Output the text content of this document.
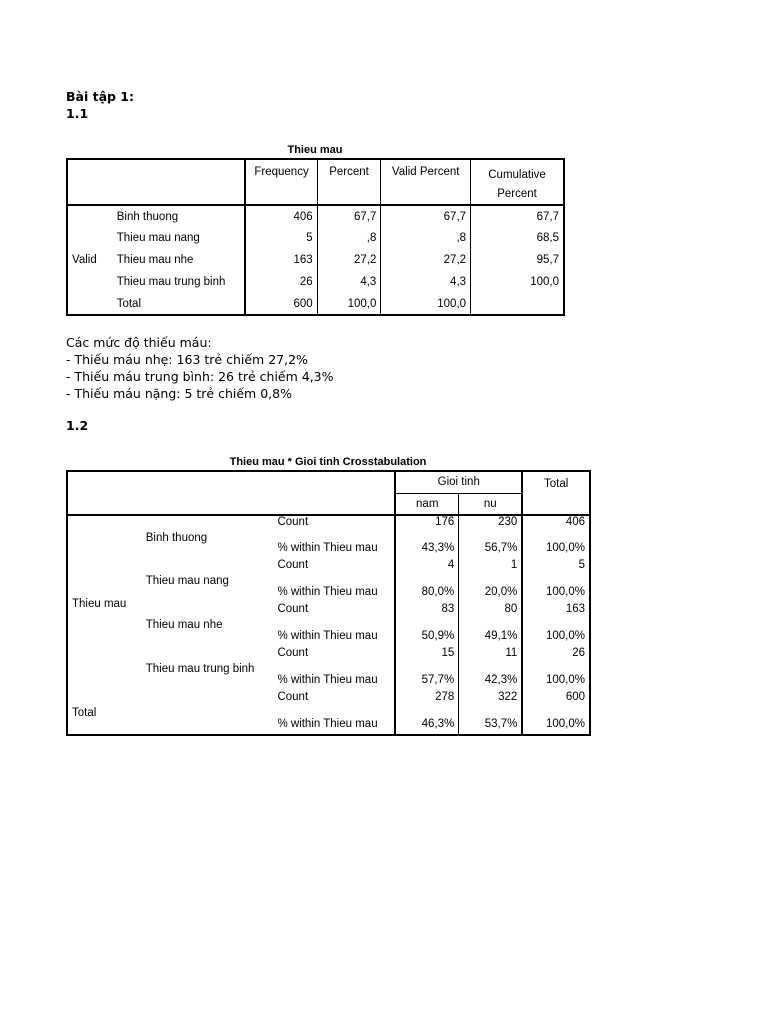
Bài tập 1:
1.1
Thieu mau
		Frequency	Percent	Valid Percent	Cumulative Percent
Valid	Binh thuong	406	67,7	67,7	67,7
	Thieu mau nang	5	,8	,8	68,5
	Thieu mau nhe	163	27,2	27,2	95,7
	Thieu mau trung binh	26	4,3	4,3	100,0
	Total	600	100,0	100,0	
Các mức độ thiếu máu:
- Thiếu máu nhẹ: 163 trẻ chiếm 27,2%
- Thiếu máu trung bình: 26 trẻ chiếm 4,3%
- Thiếu máu nặng: 5 trẻ chiếm 0,8%
1.2
Thieu mau * Gioi tinh Crosstabulation
			Gioi tinh		Total
			nam	nu	
Thieu mau	Binh thuong	Count	176	230	406
		% within Thieu mau	43,3%	56,7%	100,0%
	Thieu mau nang	Count	4	1	5
		% within Thieu mau	80,0%	20,0%	100,0%
	Thieu mau nhe	Count	83	80	163
		% within Thieu mau	50,9%	49,1%	100,0%
	Thieu mau trung binh	Count	15	11	26
		% within Thieu mau	57,7%	42,3%	100,0%
Total		Count	278	322	600
		% within Thieu mau	46,3%	53,7%	100,0%
